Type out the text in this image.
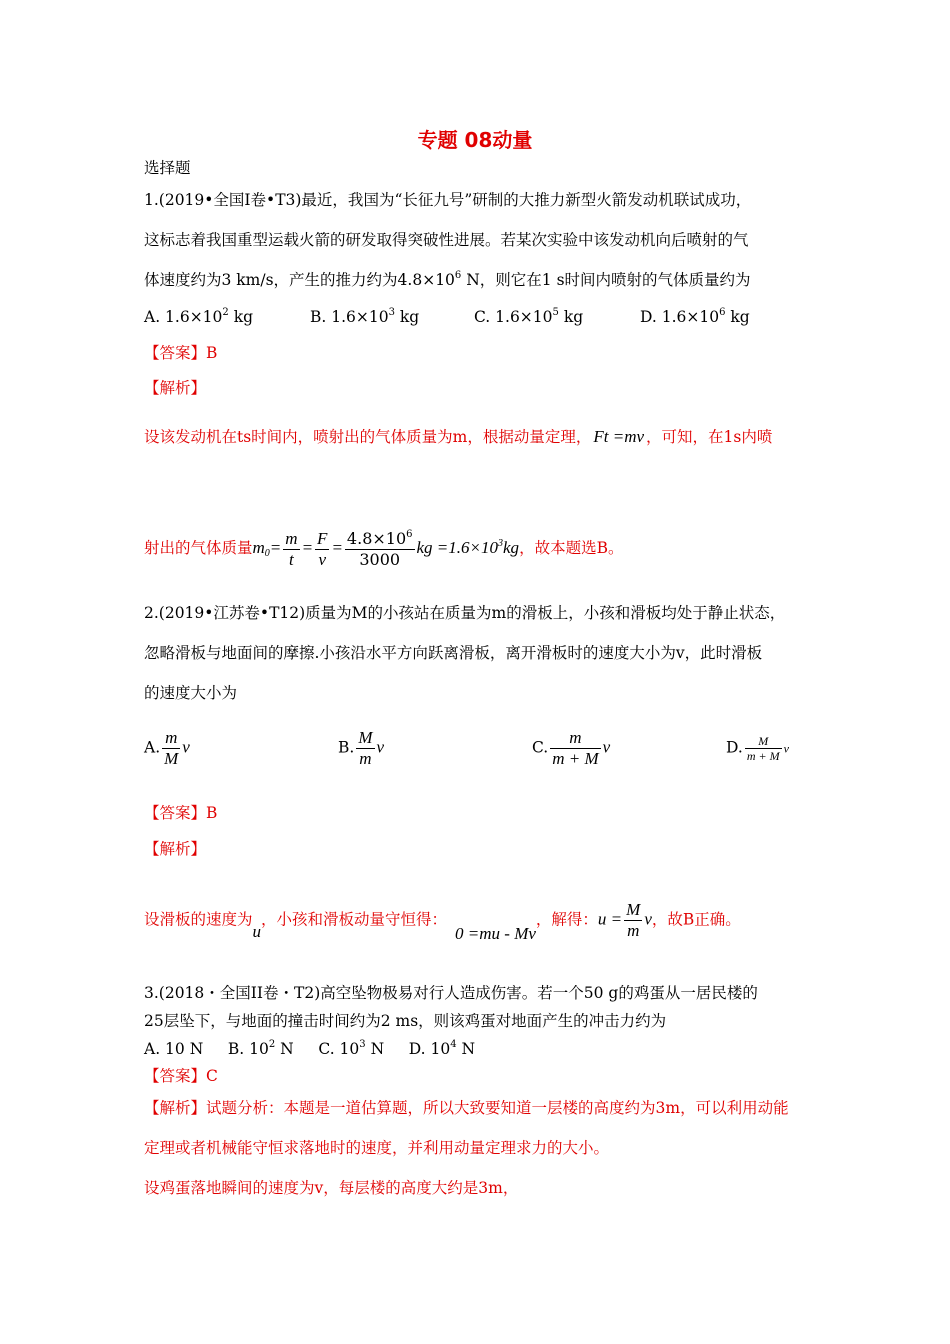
专题 08动量
选择题
1.(2019•全国Ⅰ卷•T3)最近，我国为“长征九号”研制的大推力新型火箭发动机联试成功，
这标志着我国重型运载火箭的研发取得突破性进展。若某次实验中该发动机向后喷射的气
体速度约为3 km/s，产生的推力约为$4.8\times 10^6$ N，则它在1 s时间内喷射的气体质量约为
A. $1.6\times 10^2$ kg	B. $1.6\times 10^3$ kg	C. $1.6\times 10^5$ kg	D. $1.6\times 10^6$ kg
【答案】B
【解析】
设该发动机在ts时间内，喷射出的气体质量为m，根据动量定理， Ft =mv ，可知，在1s内喷
射出的气体质量$m_0= \frac{m}{t} = \frac{F}{v} = \frac{4.8\times 10^6}{3000}$ kg $=1.6\times 10^3kg$，故本题选B。
2.(2019•江苏卷•T12)质量为M的小孩站在质量为m的滑板上，小孩和滑板均处于静止状态，
忽略滑板与地面间的摩擦.小孩沿水平方向跃离滑板，离开滑板时的速度大小为v，此时滑板
的速度大小为
A. $\frac{m}{M}$ v	B. $\frac{M}{m}$ v	C. $\frac{m}{m + M}$ v	D. $\frac{M}{m + M}$ v
【答案】B
【解析】
设滑板的速度为u，小孩和滑板动量守恒得：0 =mu - Mv，解得：$u = \frac{M}{m}$ v，故B正确。
3.(2018・全国II卷・T2)高空坠物极易对行人造成伤害。若一个50 g的鸡蛋从一居民楼的
25层坠下，与地面的撞击时间约为2 ms，则该鸡蛋对地面产生的冲击力约为
A. 10 N B. $10^2$ N C. $10^3$ N D. $10^4$ N
【答案】C
【解析】试题分析：本题是一道估算题，所以大致要知道一层楼的高度约为3m，可以利用动能
定理或者机械能守恒求落地时的速度，并利用动量定理求力的大小。
设鸡蛋落地瞬间的速度为v，每层楼的高度大约是3m，
